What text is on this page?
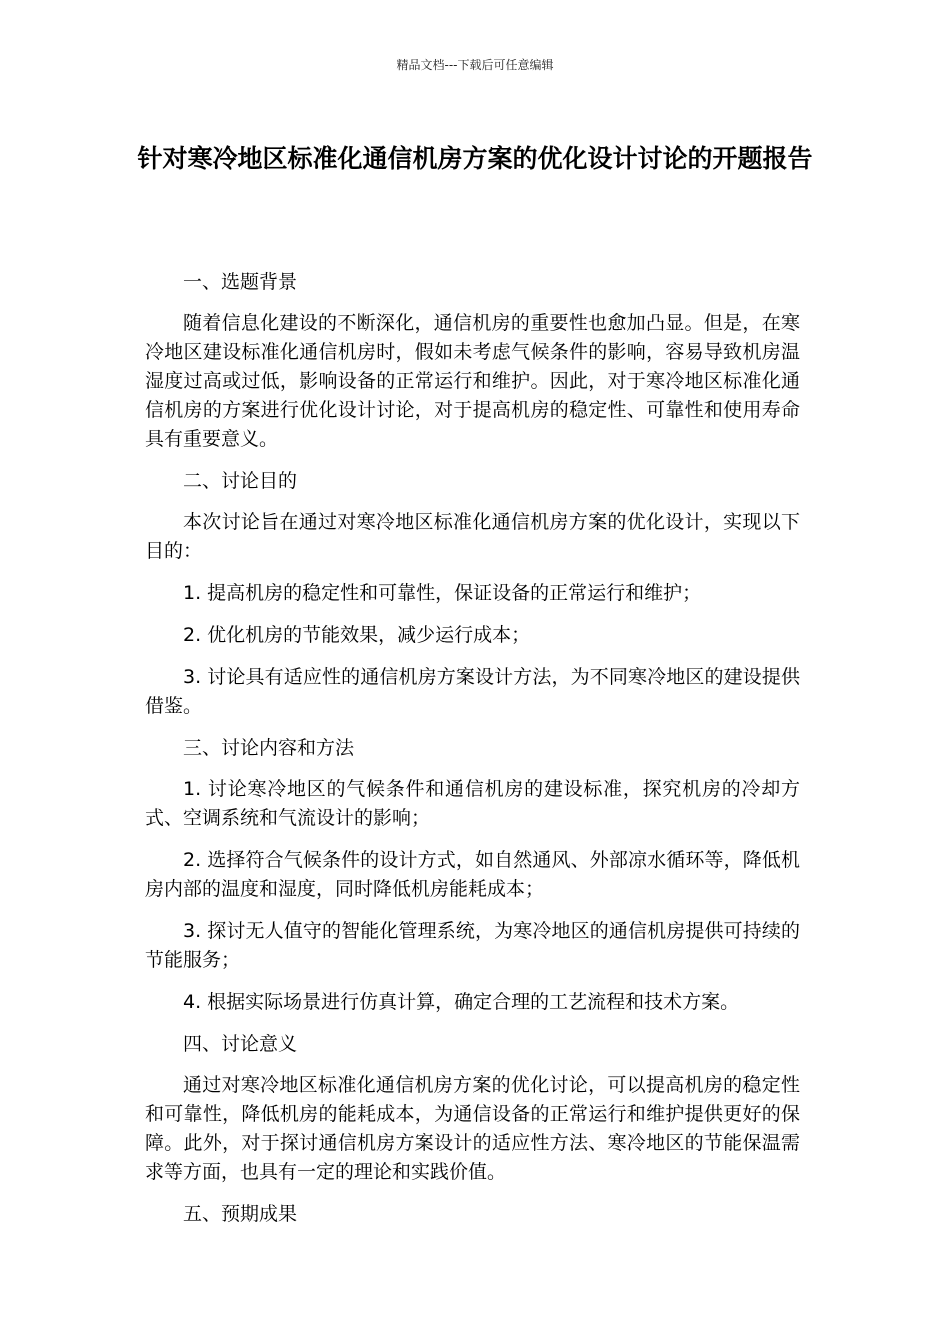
精品文档---下载后可任意编辑
针对寒冷地区标准化通信机房方案的优化设计讨论的开题报告

一、选题背景

随着信息化建设的不断深化，通信机房的重要性也愈加凸显。但是，在寒冷地区建设标准化通信机房时，假如未考虑气候条件的影响，容易导致机房温湿度过高或过低，影响设备的正常运行和维护。因此，对于寒冷地区标准化通信机房的方案进行优化设计讨论，对于提高机房的稳定性、可靠性和使用寿命具有重要意义。

二、讨论目的

本次讨论旨在通过对寒冷地区标准化通信机房方案的优化设计，实现以下目的：

1. 提高机房的稳定性和可靠性，保证设备的正常运行和维护；

2. 优化机房的节能效果，减少运行成本；

3. 讨论具有适应性的通信机房方案设计方法，为不同寒冷地区的建设提供借鉴。

三、讨论内容和方法

1. 讨论寒冷地区的气候条件和通信机房的建设标准，探究机房的冷却方式、空调系统和气流设计的影响；

2. 选择符合气候条件的设计方式，如自然通风、外部凉水循环等，降低机房内部的温度和湿度，同时降低机房能耗成本；

3. 探讨无人值守的智能化管理系统，为寒冷地区的通信机房提供可持续的节能服务；

4. 根据实际场景进行仿真计算，确定合理的工艺流程和技术方案。

四、讨论意义

通过对寒冷地区标准化通信机房方案的优化讨论，可以提高机房的稳定性和可靠性，降低机房的能耗成本，为通信设备的正常运行和维护提供更好的保障。此外，对于探讨通信机房方案设计的适应性方法、寒冷地区的节能保温需求等方面，也具有一定的理论和实践价值。

五、预期成果
